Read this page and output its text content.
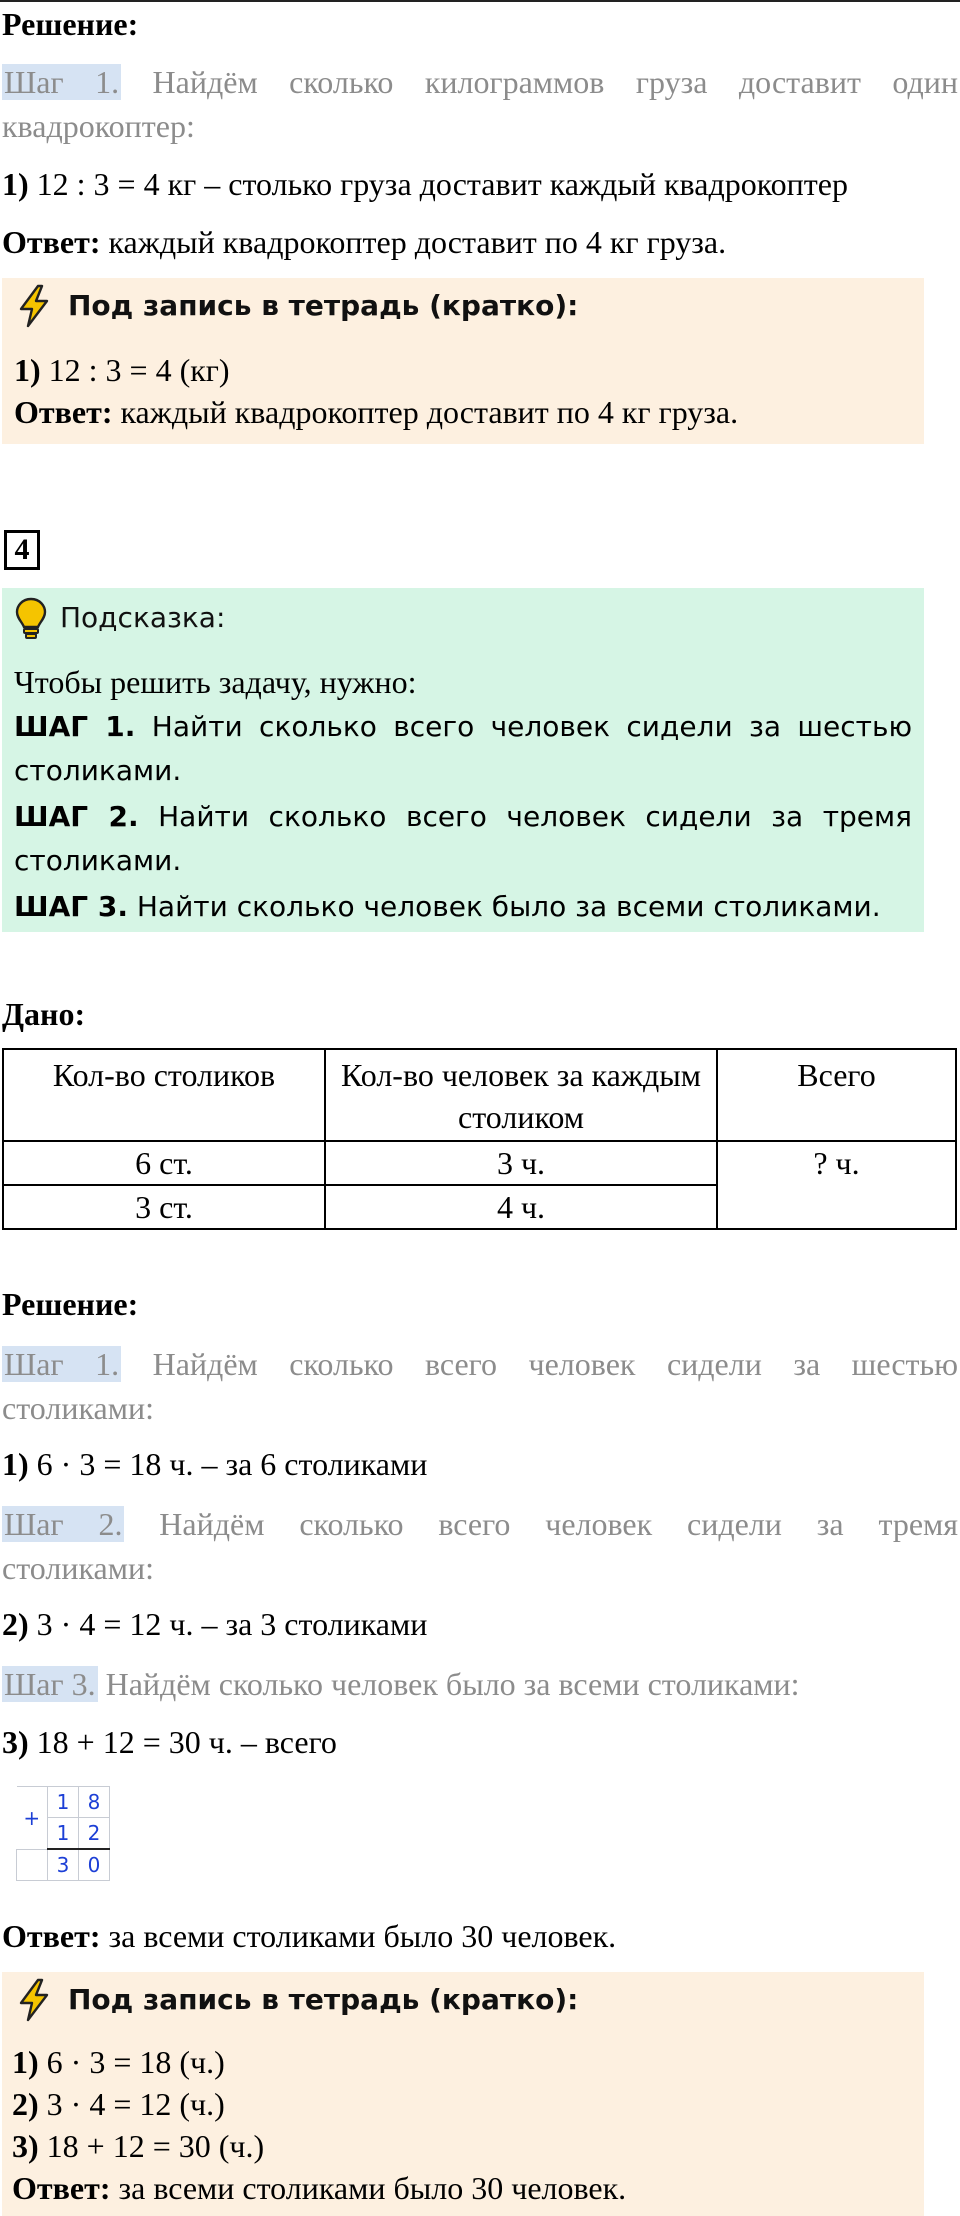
Решение:
Шаг 1. Найдём сколько килограммов груза доставит один
квадрокоптер:
1) 12 : 3 = 4 кг – столько груза доставит каждый квадрокоптер
Ответ: каждый квадрокоптер доставит по 4 кг груза.
Под запись в тетрадь (кратко):
1) 12 : 3 = 4 (кг)
Ответ: каждый квадрокоптер доставит по 4 кг груза.
4
Подсказка:
Чтобы решить задачу, нужно:
ШАГ 1. Найти сколько всего человек сидели за шестью
столиками.
ШАГ 2. Найти сколько всего человек сидели за тремя
столиками.
ШАГ 3. Найти сколько человек было за всеми столиками.
Дано:
Кол-во столиков	Кол-во человек за каждым столиком	Всего
6 ст.	3 ч.	? ч.
3 ст.	4 ч.	
Решение:
Шаг 1. Найдём сколько всего человек сидели за шестью
столиками:
1) 6 · 3 = 18 ч. – за 6 столиками
Шаг 2. Найдём сколько всего человек сидели за тремя
столиками:
2) 3 · 4 = 12 ч. – за 3 столиками
Шаг 3. Найдём сколько человек было за всеми столиками:
3) 18 + 12 = 30 ч. – всего
+	1	8
	1	2
	3	0
Ответ: за всеми столиками было 30 человек.
Под запись в тетрадь (кратко):
1) 6 · 3 = 18 (ч.)
2) 3 · 4 = 12 (ч.)
3) 18 + 12 = 30 (ч.)
Ответ: за всеми столиками было 30 человек.
